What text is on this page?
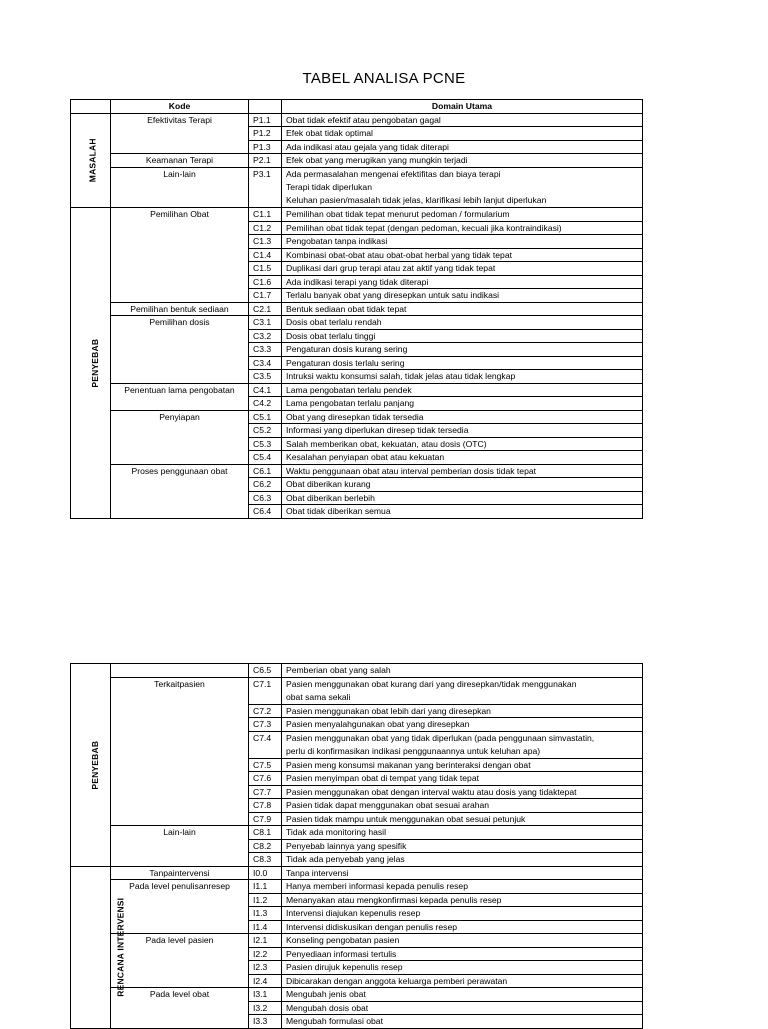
TABEL ANALISA PCNE
	Kode		Domain Utama
MASALAH	Efektivitas Terapi	P1.1	Obat tidak efektif atau pengobatan gagal
		P1.2	Efek obat tidak optimal
		P1.3	Ada indikasi atau gejala yang tidak diterapi
	Keamanan Terapi	P2.1	Efek obat yang merugikan yang mungkin terjadi
	Lain-lain	P3.1	Ada permasalahan mengenai efektifitas dan biaya terapi
			Terapi tidak diperlukan
			Keluhan pasien/masalah tidak jelas, klarifikasi lebih lanjut diperlukan
PENYEBAB	Pemilihan Obat	C1.1	Pemilihan obat tidak tepat menurut pedoman / formularium
		C1.2	Pemilihan obat tidak tepat (dengan pedoman, kecuali jika kontraindikasi)
		C1.3	Pengobatan tanpa indikasi
		C1.4	Kombinasi obat-obat atau obat-obat herbal yang tidak tepat
		C1.5	Duplikasi dari grup terapi atau zat aktif yang tidak tepat
		C1.6	Ada indikasi terapi yang tidak diterapi
		C1.7	Terlalu banyak obat yang diresepkan untuk satu indikasi
	Pemilihan bentuk sediaan	C2.1	Bentuk sediaan obat tidak tepat
	Pemilihan dosis	C3.1	Dosis obat terlalu rendah
		C3.2	Dosis obat terlalu tinggi
		C3.3	Pengaturan dosis kurang sering
		C3.4	Pengaturan dosis terlalu sering
		C3.5	Intruksi waktu konsumsi salah, tidak jelas atau tidak lengkap
	Penentuan lama pengobatan	C4.1	Lama pengobatan terlalu pendek
		C4.2	Lama pengobatan terlalu panjang
	Penyiapan	C5.1	Obat yang diresepkan tidak tersedia
		C5.2	Informasi yang diperlukan diresep tidak tersedia
		C5.3	Salah memberikan obat, kekuatan, atau dosis (OTC)
		C5.4	Kesalahan penyiapan obat atau kekuatan
	Proses penggunaan obat	C6.1	Waktu penggunaan obat atau interval pemberian dosis tidak tepat
		C6.2	Obat diberikan kurang
		C6.3	Obat diberikan berlebih
		C6.4	Obat tidak diberikan semua
PENYEBAB		C6.5	Pemberian obat yang salah
	Terkaitpasien	C7.1	Pasien menggunakan obat kurang dari yang diresepkan/tidak menggunakan
			obat sama sekali
		C7.2	Pasien menggunakan obat lebih dari yang diresepkan
		C7.3	Pasien menyalahgunakan obat yang diresepkan
		C7.4	Pasien menggunakan obat yang tidak diperlukan (pada penggunaan simvastatin,
			perlu di konfirmasikan indikasi penggunaannya untuk keluhan apa)
		C7.5	Pasien meng konsumsi makanan yang berinteraksi dengan obat
		C7.6	Pasien menyimpan obat di tempat yang tidak tepat
		C7.7	Pasien menggunakan obat dengan interval waktu atau dosis yang tidaktepat
		C7.8	Pasien tidak dapat menggunakan obat sesuai arahan
		C7.9	Pasien tidak mampu untuk menggunakan obat sesuai petunjuk
	Lain-lain	C8.1	Tidak ada monitoring hasil
		C8.2	Penyebab lainnya yang spesifik
		C8.3	Tidak ada penyebab yang jelas
RENCANA INTERVENSI	Tanpaintervensi	I0.0	Tanpa intervensi
	Pada level penulisanresep	I1.1	Hanya memberi informasi kepada penulis resep
		I1.2	Menanyakan atau mengkonfirmasi kepada penulis resep
		I1.3	Intervensi diajukan kepenulis resep
		I1.4	Intervensi didiskusikan dengan penulis resep
	Pada level pasien	I2.1	Konseling pengobatan pasien
		I2.2	Penyediaan informasi tertulis
		I2.3	Pasien dirujuk kepenulis resep
		I2.4	Dibicarakan dengan anggota keluarga pemberi perawatan
	Pada level obat	I3.1	Mengubah jenis obat
		I3.2	Mengubah dosis obat
		I3.3	Mengubah formulasi obat
